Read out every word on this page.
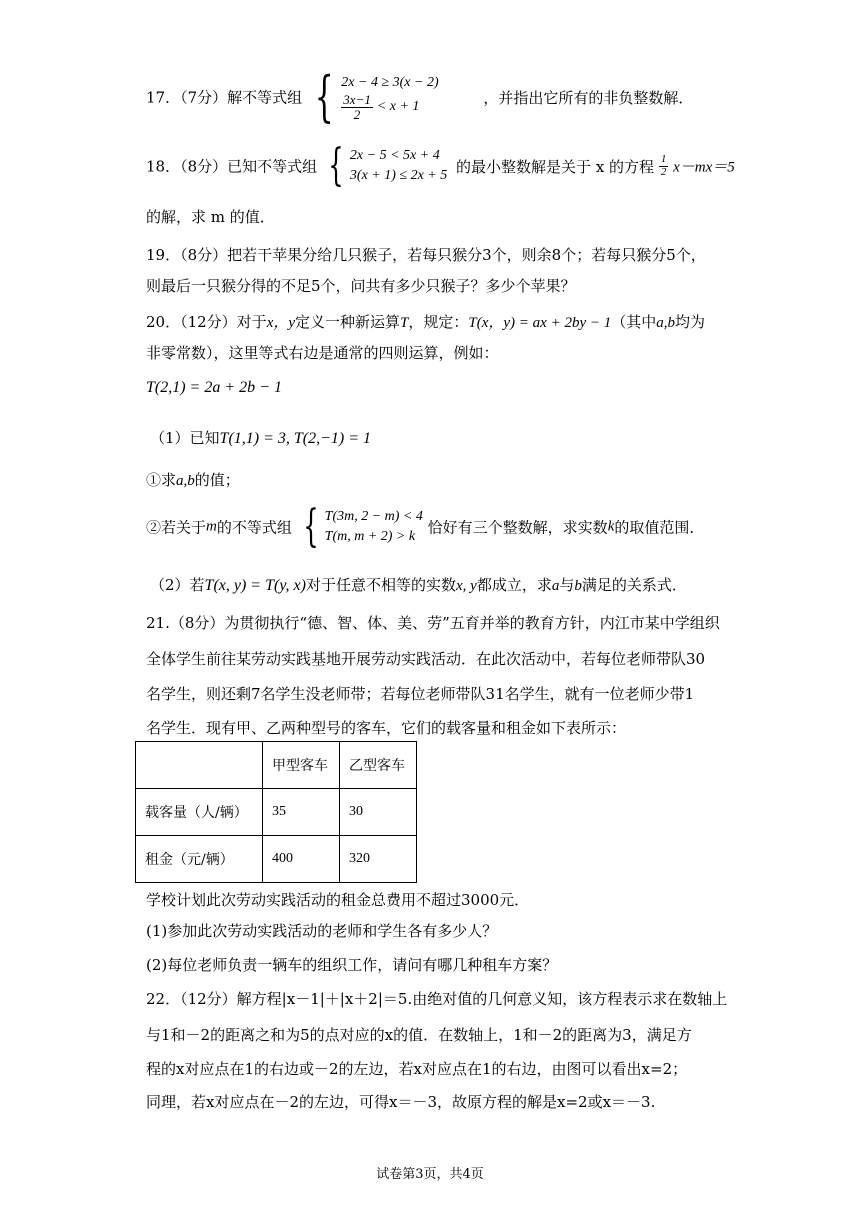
17．（7分）解不等式组 { 2x − 4 ≥ 3(x − 2)
$\frac{3x-1}{2} < x + 1$	，并指出它所有的非负整数解．
18．（8分）已知不等式组 { 2x − 5 < 5x + 4
3(x + 1) ≤ 2x + 5 的最小整数解是关于 x 的方程 $\frac{1}{2} x-mx=5$
的解，求 m 的值．
19．（8分）把若干苹果分给几只猴子，若每只猴分3个，则余8个；若每只猴分5个，
则最后一只猴分得的不足5个，问共有多少只猴子？多少个苹果？
20．（12分）对于x，y定义一种新运算T，规定：T(x，y) = ax + 2by − 1（其中a,b均为
非零常数），这里等式右边是通常的四则运算，例如：
T(2,1) = 2a + 2b − 1
（1）已知T(1,1) = 3, T(2,−1) = 1
①求a,b的值；
②若关于m的不等式组 { T(3m, 2 − m) < 4
T(m, m + 2) > k 恰好有三个整数解，求实数k的取值范围．
（2）若T(x, y) = T(y, x)对于任意不相等的实数x, y都成立，求a与b满足的关系式．
21.（8分）为贯彻执行“德、智、体、美、劳”五育并举的教育方针，内江市某中学组织
全体学生前往某劳动实践基地开展劳动实践活动．在此次活动中，若每位老师带队30
名学生，则还剩7名学生没老师带；若每位老师带队31名学生，就有一位老师少带1
名学生．现有甲、乙两种型号的客车，它们的载客量和租金如下表所示：
	甲型客车	乙型客车
载客量（人/辆）	35	30
租金（元/辆）	400	320
学校计划此次劳动实践活动的租金总费用不超过3000元．
(1)参加此次劳动实践活动的老师和学生各有多少人？
(2)每位老师负责一辆车的组织工作，请问有哪几种租车方案？
22．（12分）解方程|x－1|＋|x＋2|＝5.由绝对值的几何意义知，该方程表示求在数轴上
与1和－2的距离之和为5的点对应的x的值．在数轴上，1和－2的距离为3，满足方
程的x对应点在1的右边或－2的左边，若x对应点在1的右边，由图可以看出x=2；
同理，若x对应点在－2的左边，可得x＝－3，故原方程的解是x=2或x＝－3.
试卷第3页，共4页
